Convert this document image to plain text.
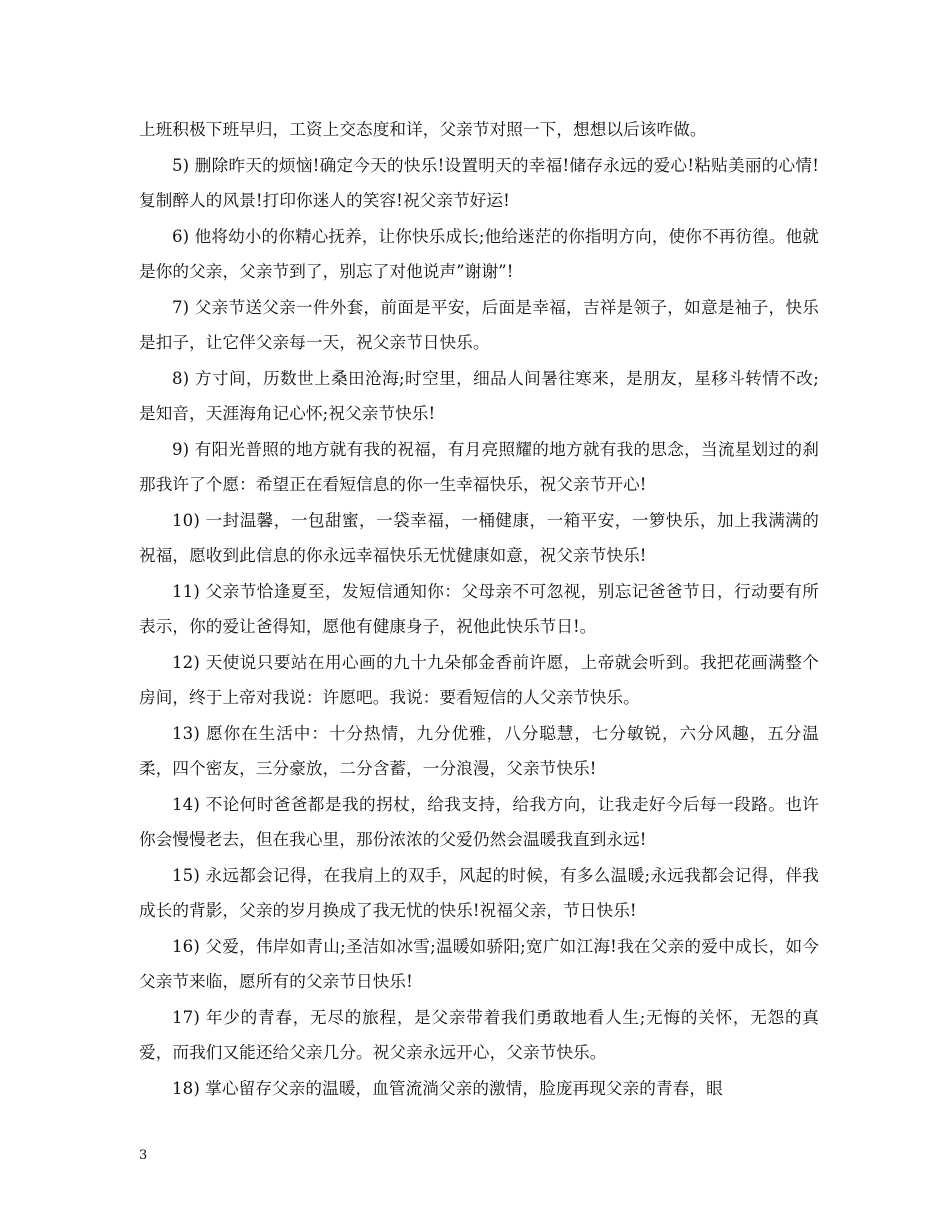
上班积极下班早归，工资上交态度和详，父亲节对照一下，想想以后该咋做。

5) 删除昨天的烦恼!确定今天的快乐!设置明天的幸福!储存永远的爱心!粘贴美丽的心情!复制醉人的风景!打印你迷人的笑容!祝父亲节好运!

6) 他将幼小的你精心抚养，让你快乐成长;他给迷茫的你指明方向，使你不再彷徨。他就是你的父亲，父亲节到了，别忘了对他说声”谢谢”!

7) 父亲节送父亲一件外套，前面是平安，后面是幸福，吉祥是领子，如意是袖子，快乐是扣子，让它伴父亲每一天，祝父亲节日快乐。

8) 方寸间，历数世上桑田沧海;时空里，细品人间暑往寒来，是朋友，星移斗转情不改;是知音，天涯海角记心怀;祝父亲节快乐!

9) 有阳光普照的地方就有我的祝福，有月亮照耀的地方就有我的思念，当流星划过的刹那我许了个愿：希望正在看短信息的你一生幸福快乐，祝父亲节开心!

10) 一封温馨，一包甜蜜，一袋幸福，一桶健康，一箱平安，一箩快乐，加上我满满的祝福，愿收到此信息的你永远幸福快乐无忧健康如意，祝父亲节快乐!

11) 父亲节恰逢夏至，发短信通知你：父母亲不可忽视，别忘记爸爸节日，行动要有所表示，你的爱让爸得知，愿他有健康身子，祝他此快乐节日!。

12) 天使说只要站在用心画的九十九朵郁金香前许愿，上帝就会听到。我把花画满整个房间，终于上帝对我说：许愿吧。我说：要看短信的人父亲节快乐。

13) 愿你在生活中：十分热情，九分优雅，八分聪慧，七分敏锐，六分风趣，五分温柔，四个密友，三分豪放，二分含蓄，一分浪漫，父亲节快乐!

14) 不论何时爸爸都是我的拐杖，给我支持，给我方向，让我走好今后每一段路。也许你会慢慢老去，但在我心里，那份浓浓的父爱仍然会温暖我直到永远!

15) 永远都会记得，在我肩上的双手，风起的时候，有多么温暖;永远我都会记得，伴我成长的背影，父亲的岁月换成了我无忧的快乐!祝福父亲，节日快乐!

16) 父爱，伟岸如青山;圣洁如冰雪;温暖如骄阳;宽广如江海!我在父亲的爱中成长，如今父亲节来临，愿所有的父亲节日快乐!

17) 年少的青春，无尽的旅程，是父亲带着我们勇敢地看人生;无悔的关怀，无怨的真爱，而我们又能还给父亲几分。祝父亲永远开心，父亲节快乐。

18) 掌心留存父亲的温暖，血管流淌父亲的激情，脸庞再现父亲的青春，眼

3
